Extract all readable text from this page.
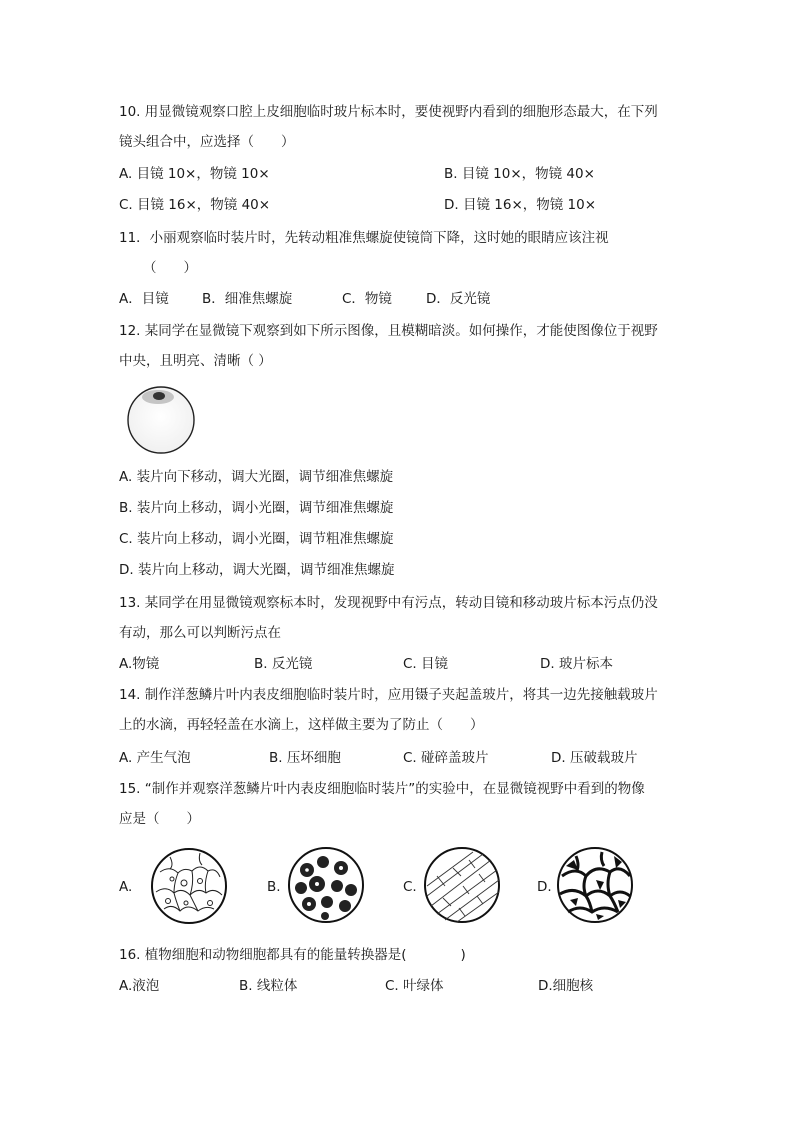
10. 用显微镜观察口腔上皮细胞临时玻片标本时，要使视野内看到的细胞形态最大，在下列
镜头组合中，应选择（　　）
A. 目镜 10×，物镜 10×	B. 目镜 10×，物镜 40×
C. 目镜 16×，物镜 40×	D. 目镜 16×，物镜 10×
11．小丽观察临时装片时，先转动粗准焦螺旋使镜筒下降，这时她的眼睛应该注视
（　　）
A．目镜 B．细准焦螺旋	C．物镜	D．反光镜
12. 某同学在显微镜下观察到如下所示图像，且模糊暗淡。如何操作，才能使图像位于视野
中央，且明亮、清晰（ ）
A. 装片向下移动，调大光圈，调节细准焦螺旋
B. 装片向上移动，调小光圈，调节细准焦螺旋
C. 装片向上移动，调小光圈，调节粗准焦螺旋
D. 装片向上移动，调大光圈，调节细准焦螺旋
13. 某同学在用显微镜观察标本时，发现视野中有污点，转动目镜和移动玻片标本污点仍没
有动，那么可以判断污点在
A.物镜	B. 反光镜	C. 目镜	D. 玻片标本
14. 制作洋葱鳞片叶内表皮细胞临时装片时，应用镊子夹起盖玻片，将其一边先接触载玻片
上的水滴，再轻轻盖在水滴上，这样做主要为了防止（　　）
A. 产生气泡	B. 压坏细胞	C. 碰碎盖玻片	D. 压破载玻片
15. “制作并观察洋葱鳞片叶内表皮细胞临时装片”的实验中，在显微镜视野中看到的物像
应是（　　）
A.	B.	C.	D.
16. 植物细胞和动物细胞都具有的能量转换器是(　　　　)
A.液泡	B. 线粒体	C. 叶绿体	D.细胞核
